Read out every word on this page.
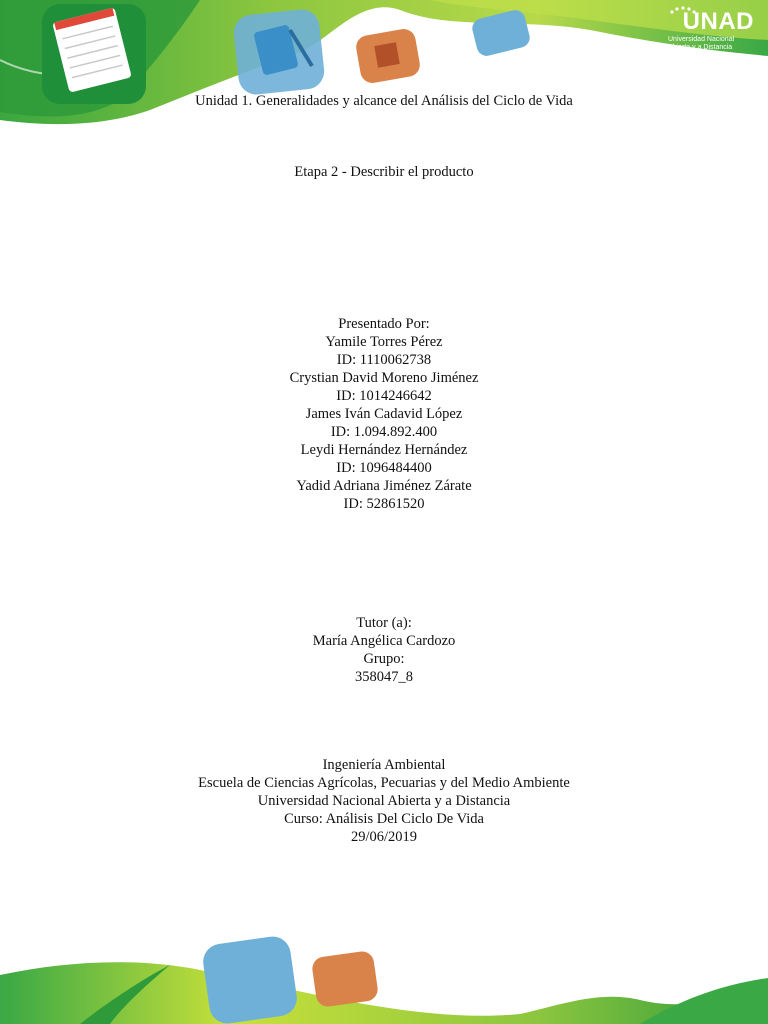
UNAD
Universidad Nacional
Abierta y a Distancia
Unidad 1. Generalidades y alcance del Análisis del Ciclo de Vida
Etapa 2 - Describir el producto
Presentado Por:
Yamile Torres Pérez
ID: 1110062738
Crystian David Moreno Jiménez
ID: 1014246642
James Iván Cadavid López
ID: 1.094.892.400
Leydi Hernández Hernández
ID: 1096484400
Yadid Adriana Jiménez Zárate
ID: 52861520
Tutor (a):
María Angélica Cardozo
Grupo:
358047_8
Ingeniería Ambiental
Escuela de Ciencias Agrícolas, Pecuarias y del Medio Ambiente
Universidad Nacional Abierta y a Distancia
Curso: Análisis Del Ciclo De Vida
29/06/2019
